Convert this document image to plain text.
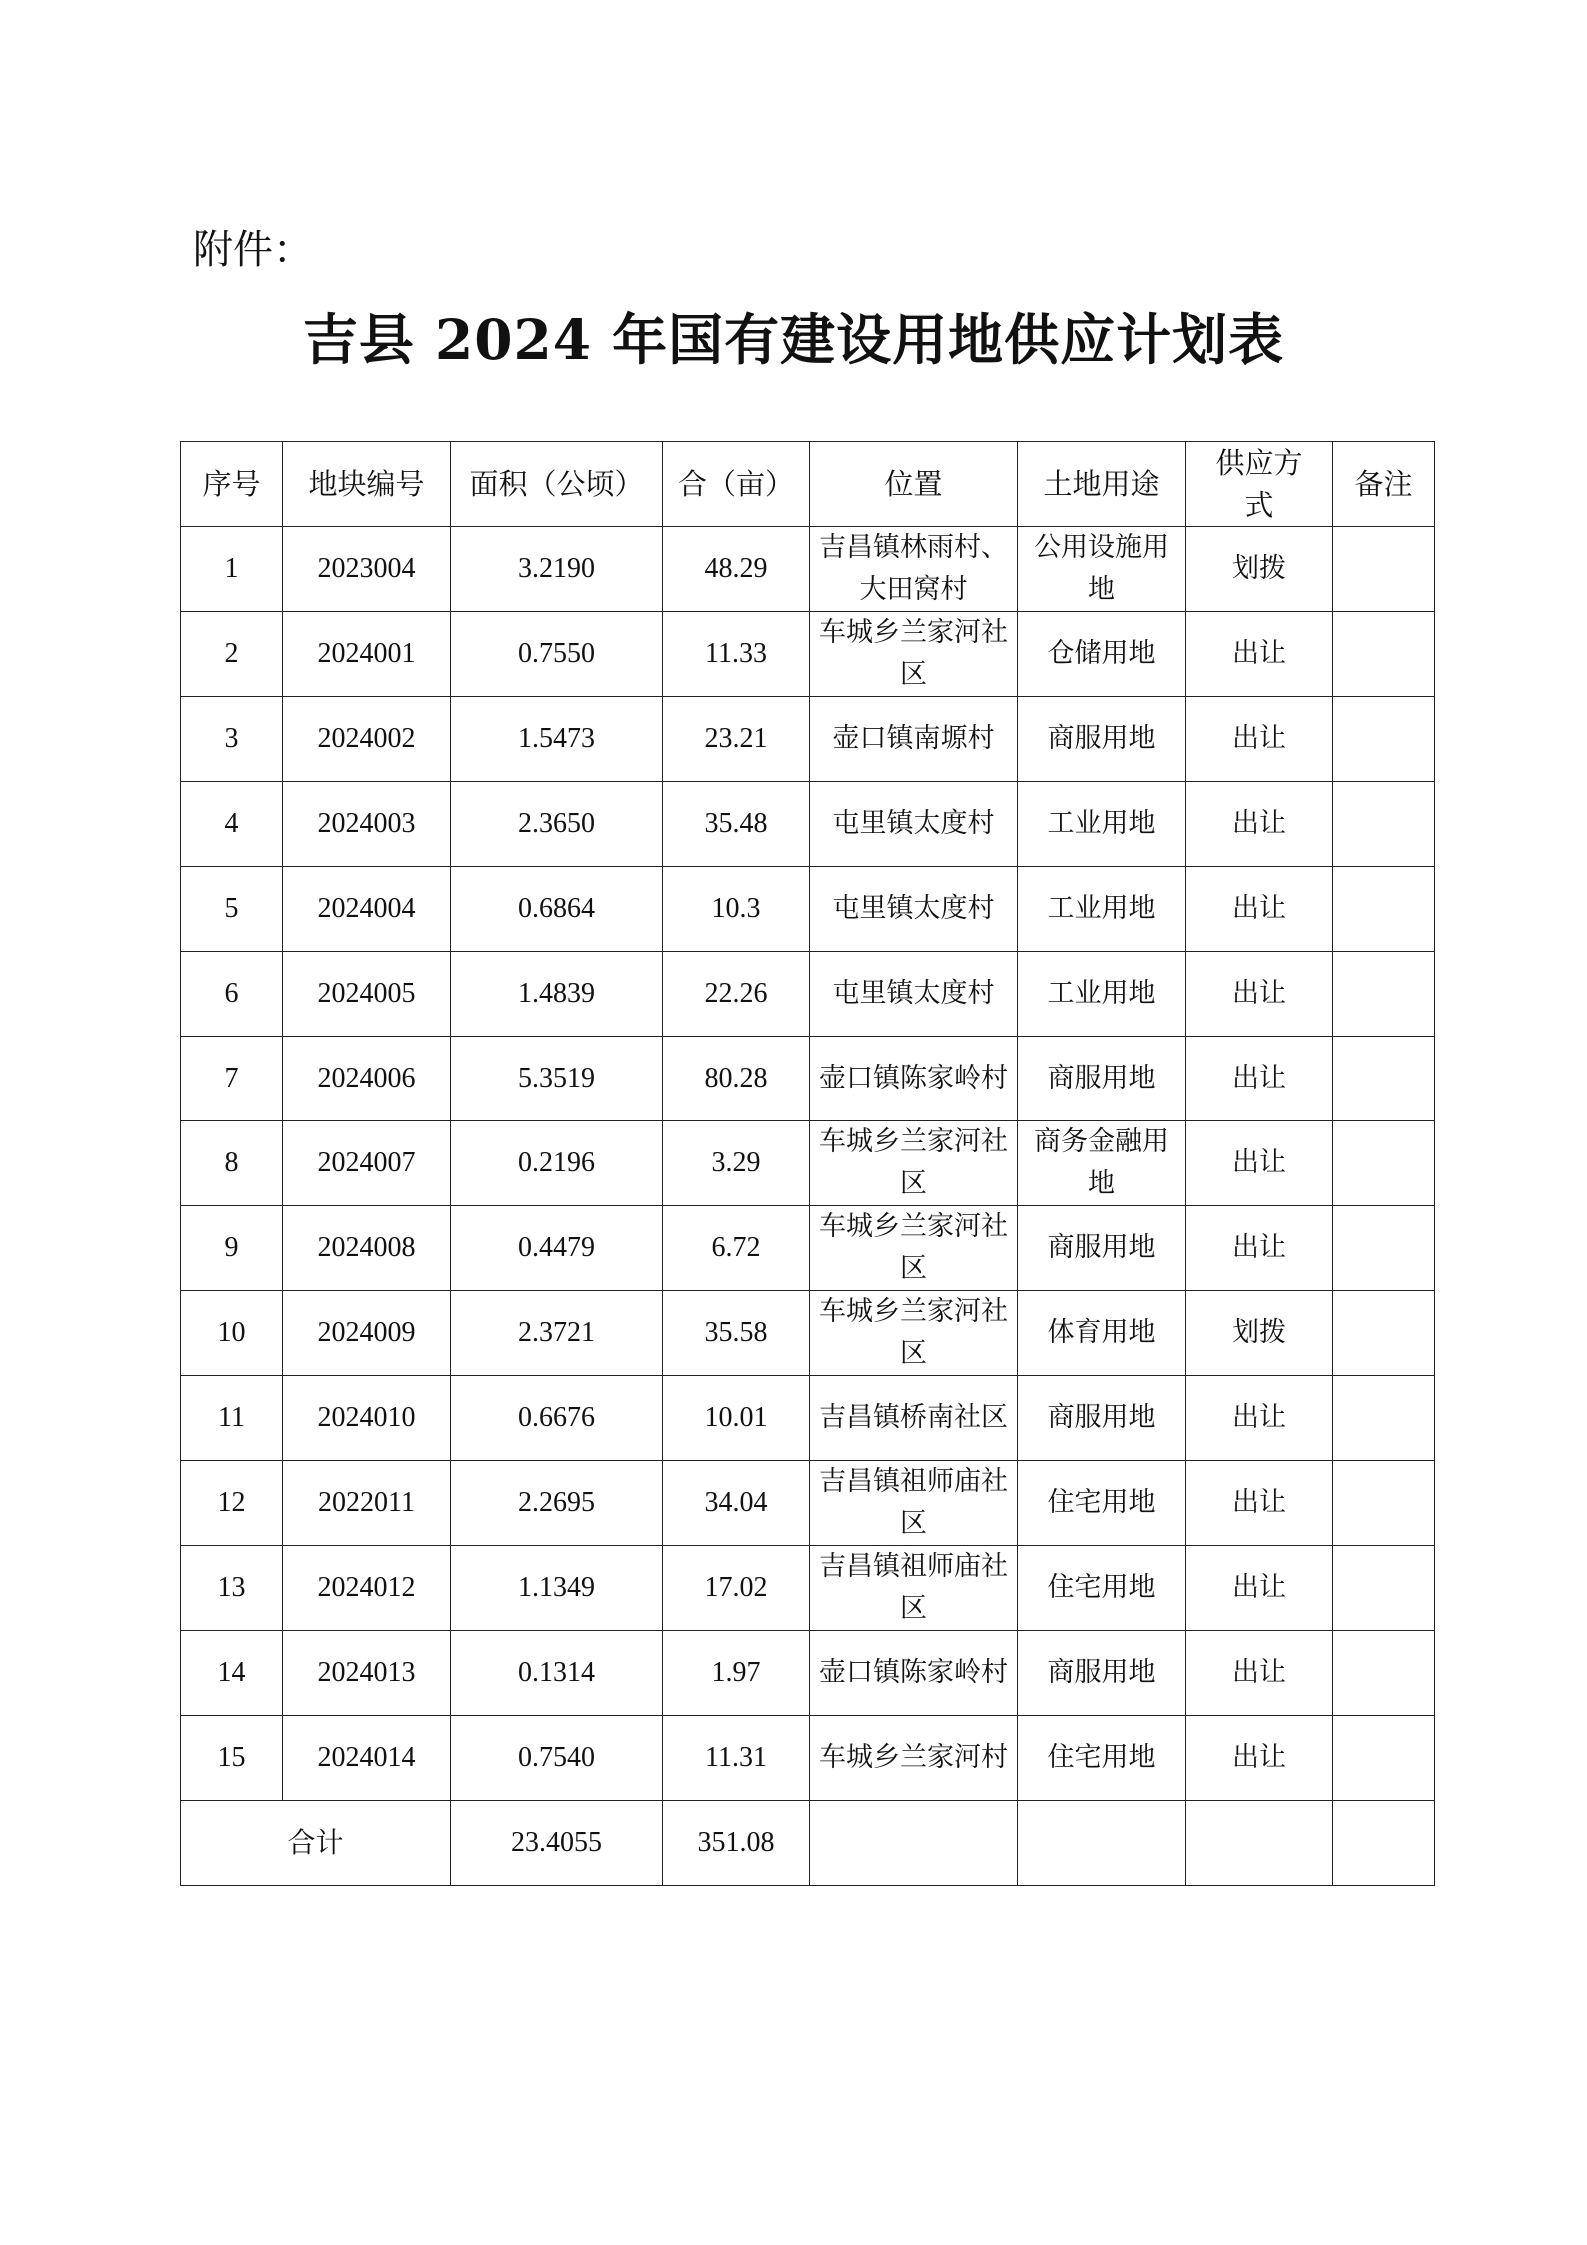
附件：
吉县 2024 年国有建设用地供应计划表
序号	地块编号	面积（公顷）	合（亩）	位置	土地用途	供应方式	备注
1	2023004	3.2190	48.29	吉昌镇林雨村、大田窝村	公用设施用地	划拨	
2	2024001	0.7550	11.33	车城乡兰家河社区	仓储用地	出让	
3	2024002	1.5473	23.21	壶口镇南塬村	商服用地	出让	
4	2024003	2.3650	35.48	屯里镇太度村	工业用地	出让	
5	2024004	0.6864	10.3	屯里镇太度村	工业用地	出让	
6	2024005	1.4839	22.26	屯里镇太度村	工业用地	出让	
7	2024006	5.3519	80.28	壶口镇陈家岭村	商服用地	出让	
8	2024007	0.2196	3.29	车城乡兰家河社区	商务金融用地	出让	
9	2024008	0.4479	6.72	车城乡兰家河社区	商服用地	出让	
10	2024009	2.3721	35.58	车城乡兰家河社区	体育用地	划拨	
11	2024010	0.6676	10.01	吉昌镇桥南社区	商服用地	出让	
12	2022011	2.2695	34.04	吉昌镇祖师庙社区	住宅用地	出让	
13	2024012	1.1349	17.02	吉昌镇祖师庙社区	住宅用地	出让	
14	2024013	0.1314	1.97	壶口镇陈家岭村	商服用地	出让	
15	2024014	0.7540	11.31	车城乡兰家河村	住宅用地	出让	
合计		23.4055	351.08				
